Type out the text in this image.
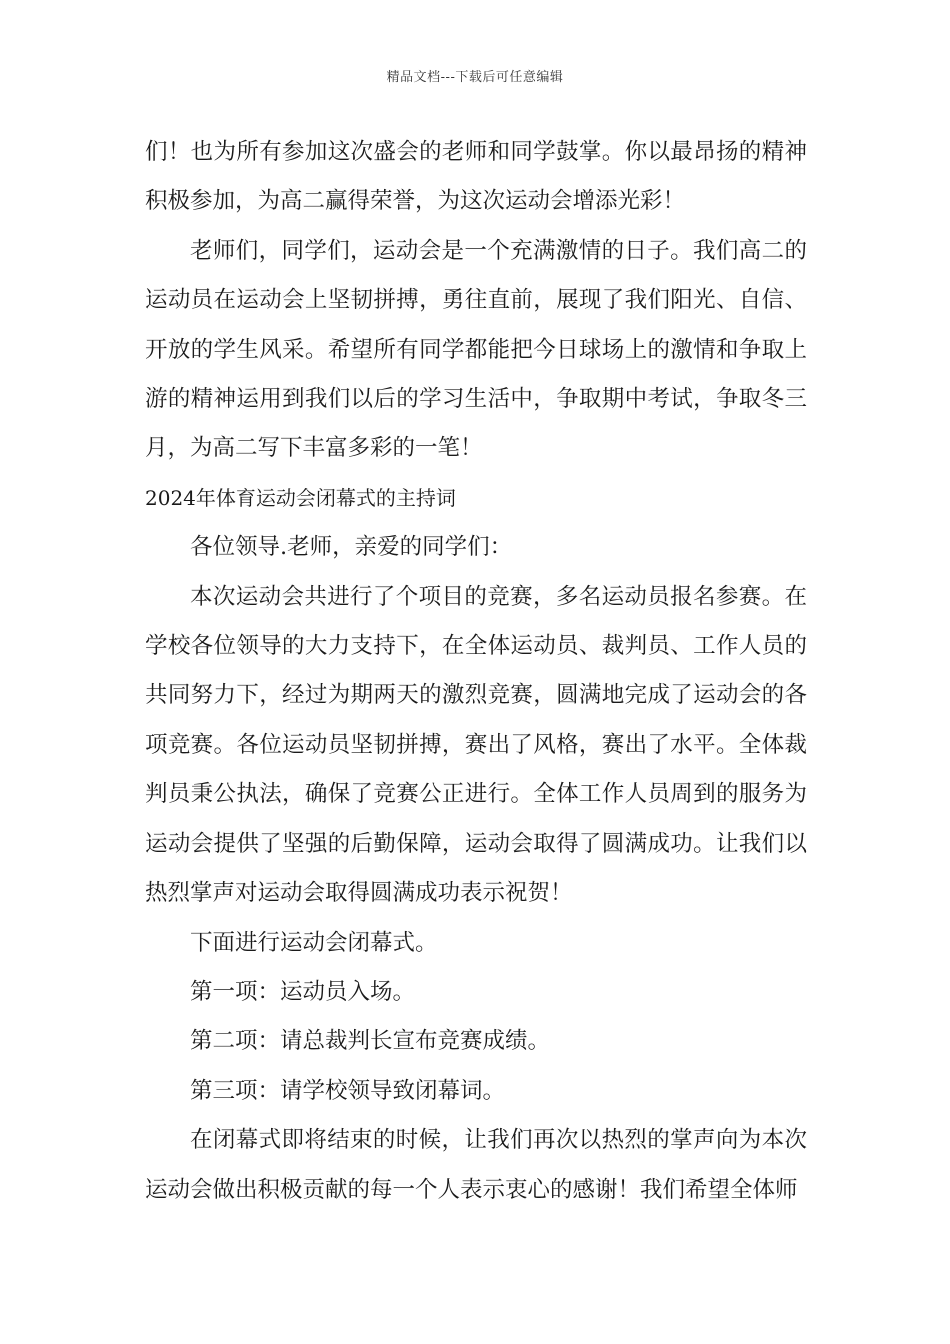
精品文档---下载后可任意编辑

们！也为所有参加这次盛会的老师和同学鼓掌。你以最昂扬的精神积极参加，为高二赢得荣誉，为这次运动会增添光彩！

老师们，同学们，运动会是一个充满激情的日子。我们高二的运动员在运动会上坚韧拼搏，勇往直前，展现了我们阳光、自信、开放的学生风采。希望所有同学都能把今日球场上的激情和争取上游的精神运用到我们以后的学习生活中，争取期中考试，争取冬三月，为高二写下丰富多彩的一笔！

2024年体育运动会闭幕式的主持词

各位领导.老师，亲爱的同学们：

本次运动会共进行了个项目的竞赛，多名运动员报名参赛。在学校各位领导的大力支持下，在全体运动员、裁判员、工作人员的共同努力下，经过为期两天的激烈竞赛，圆满地完成了运动会的各项竞赛。各位运动员坚韧拼搏，赛出了风格，赛出了水平。全体裁判员秉公执法，确保了竞赛公正进行。全体工作人员周到的服务为运动会提供了坚强的后勤保障，运动会取得了圆满成功。让我们以热烈掌声对运动会取得圆满成功表示祝贺！

下面进行运动会闭幕式。

第一项：运动员入场。

第二项：请总裁判长宣布竞赛成绩。

第三项：请学校领导致闭幕词。

在闭幕式即将结束的时候，让我们再次以热烈的掌声向为本次运动会做出积极贡献的每一个人表示衷心的感谢！我们希望全体师
